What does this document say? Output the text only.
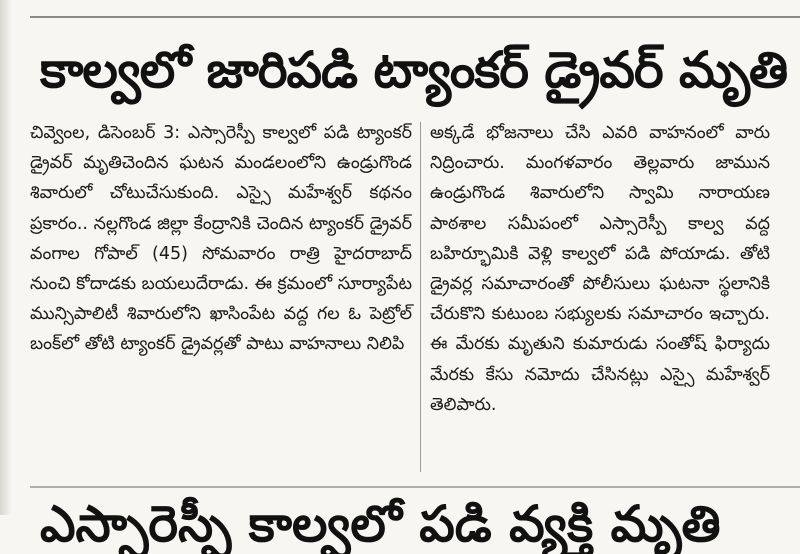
కాల్వలో జారిపడి ట్యాంకర్ డ్రైవర్ మృతి

చివ్వెంల, డిసెంబర్ 3: ఎస్సారెస్పీ కాల్వలో పడి ట్యాంకర్ డ్రైవర్ మృతిచెందిన ఘటన మండలంలోని ఉండ్రుగొండ శివారులో చోటుచేసుకుంది. ఎస్సై మహేశ్వర్ కథనం ప్రకారం.. నల్లగొండ జిల్లా కేంద్రానికి చెందిన ట్యాంకర్ డ్రైవర్ వంగాల గోపాల్ (45) సోమవారం రాత్రి హైదరాబాద్ నుంచి కోదాడకు బయలుదేరాడు. ఈ క్రమంలో సూర్యాపేట మున్సిపాలిటీ శివారులోని ఖాసింపేట వద్ద గల ఓ పెట్రోల్ బంక్‌లో తోటి ట్యాంకర్ డ్రైవర్లతో పాటు వాహనాలు నిలిపి

అక్కడే భోజనాలు చేసి ఎవరి వాహనంలో వారు నిద్రించారు. మంగళవారం తెల్లవారు జామున ఉండ్రుగొండ శివారులోని స్వామి నారాయణ పాఠశాల సమీపంలో ఎస్సారెస్పీ కాల్వ వద్ద బహిర్భూమికి వెళ్లి కాల్వలో పడి పోయాడు. తోటి డ్రైవర్ల సమాచారంతో పోలీసులు ఘటనా స్థలానికి చేరుకొని కుటుంబ సభ్యులకు సమాచారం ఇచ్చారు. ఈ మేరకు మృతుని కుమారుడు సంతోష్ ఫిర్యాదు మేరకు కేసు నమోదు చేసినట్లు ఎస్సై మహేశ్వర్ తెలిపారు.

ఎస్సారెస్పీ కాల్వలో పడి వ్యక్తి మృతి
